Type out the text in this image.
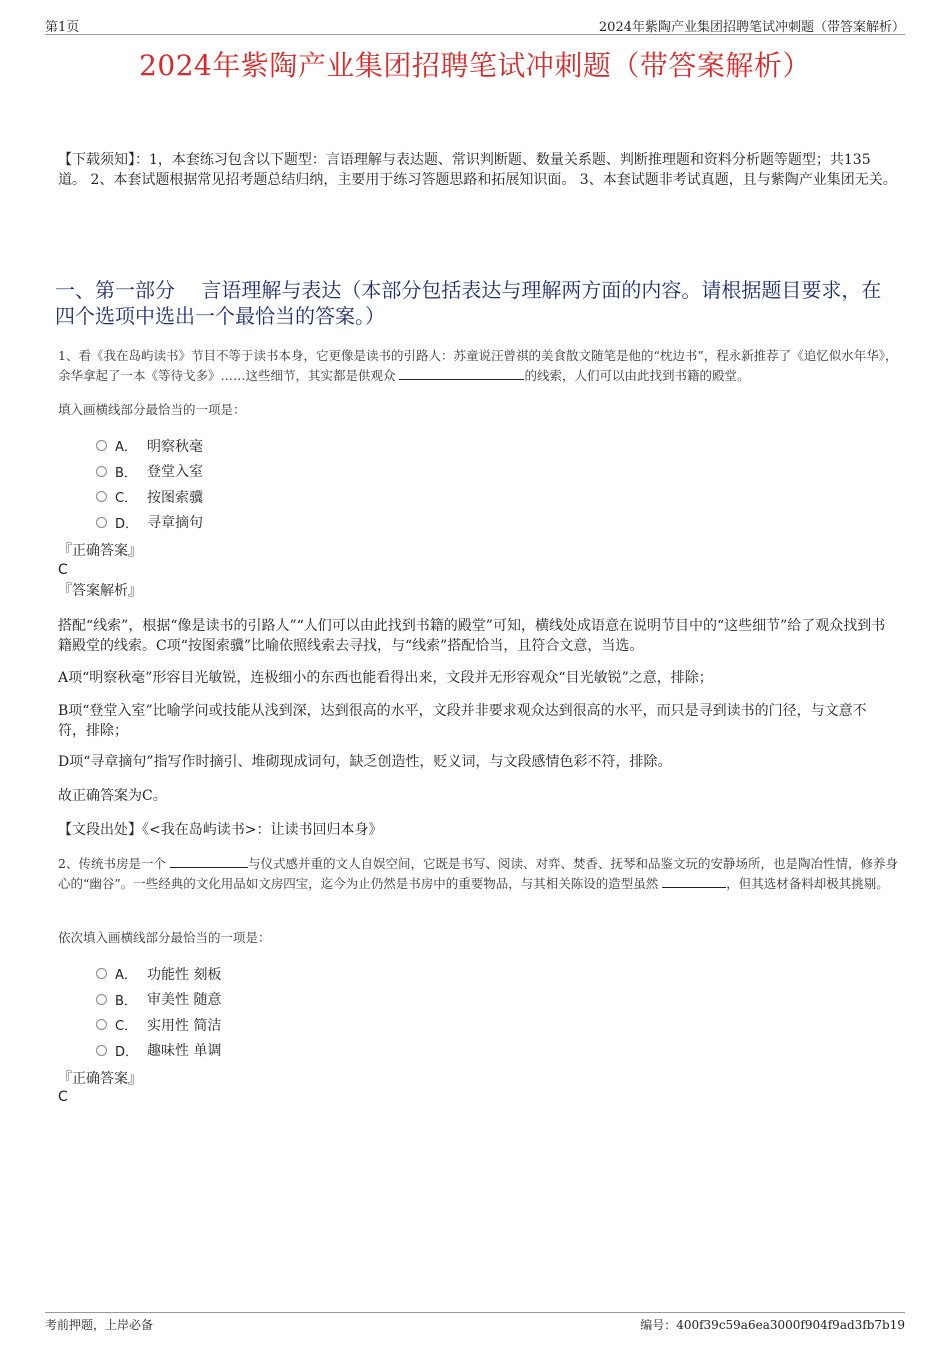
第1页	2024年紫陶产业集团招聘笔试冲刺题（带答案解析）
2024年紫陶产业集团招聘笔试冲刺题（带答案解析）
【下载须知】：1，本套练习包含以下题型：言语理解与表达题、常识判断题、数量关系题、判断推理题和资料分析题等题型；共135道。 2、本套试题根据常见招考题总结归纳，主要用于练习答题思路和拓展知识面。 3、本套试题非考试真题，且与紫陶产业集团无关。
一、第一部分　 言语理解与表达（本部分包括表达与理解两方面的内容。请根据题目要求，在四个选项中选出一个最恰当的答案。）
1、看《我在岛屿读书》节目不等于读书本身，它更像是读书的引路人：苏童说汪曾祺的美食散文随笔是他的“枕边书”，程永新推荐了《追忆似水年华》，余华拿起了一本《等待戈多》……这些细节，其实都是供观众	的线索，人们可以由此找到书籍的殿堂。
填入画横线部分最恰当的一项是：
A． 明察秋毫
B． 登堂入室
C． 按图索骥
D． 寻章摘句
『正确答案』
C
『答案解析』
搭配“线索”，根据“像是读书的引路人”“人们可以由此找到书籍的殿堂”可知，横线处成语意在说明节目中的“这些细节”给了观众找到书籍殿堂的线索。C项“按图索骥”比喻依照线索去寻找，与“线索”搭配恰当，且符合文意，当选。
A项“明察秋毫”形容目光敏锐，连极细小的东西也能看得出来，文段并无形容观众“目光敏锐”之意，排除；
B项“登堂入室”比喻学问或技能从浅到深，达到很高的水平，文段并非要求观众达到很高的水平，而只是寻到读书的门径，与文意不符，排除；
D项“寻章摘句”指写作时摘引、堆砌现成词句，缺乏创造性，贬义词，与文段感情色彩不符，排除。
故正确答案为C。
【文段出处】《<我在岛屿读书>：让读书回归本身》
2、传统书房是一个	与仪式感并重的文人自娱空间，它既是书写、阅读、对弈、焚香、抚琴和品鉴文玩的安静场所，也是陶冶性情，修养身心的“幽谷”。一些经典的文化用品如文房四宝，迄今为止仍然是书房中的重要物品，与其相关陈设的造型虽然	，但其选材备料却极其挑剔。
依次填入画横线部分最恰当的一项是：
A． 功能性 刻板
B． 审美性 随意
C． 实用性 简洁
D． 趣味性 单调
『正确答案』
C
考前押题，上岸必备	编号：400f39c59a6ea3000f904f9ad3fb7b19
